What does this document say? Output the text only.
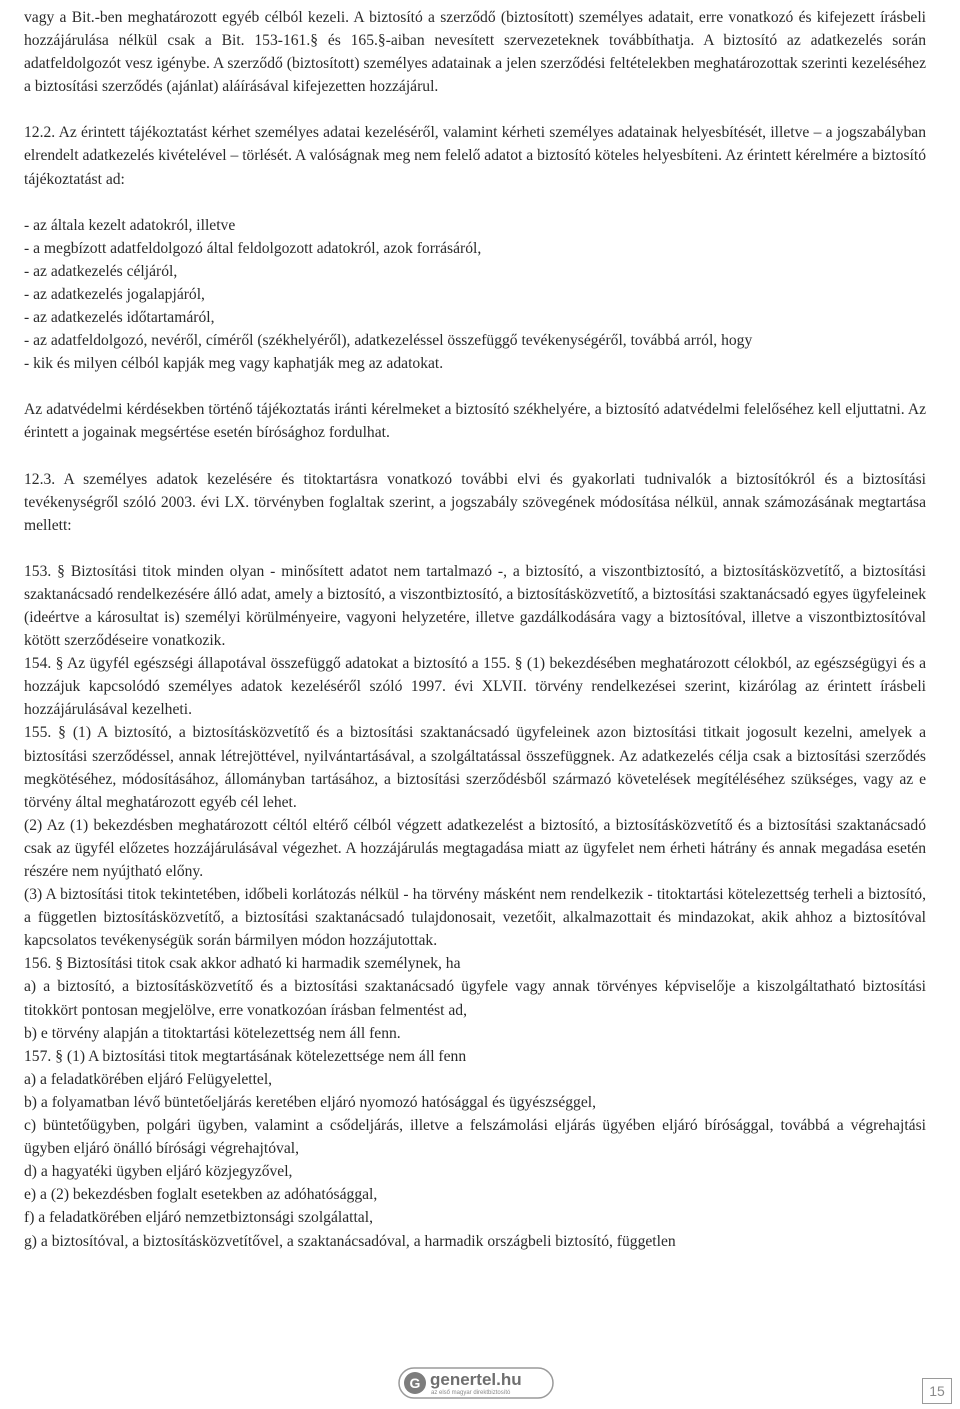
vagy a Bit.-ben meghatározott egyéb célból kezeli. A biztosító a szerződő (biztosított) személyes adatait, erre vonatkozó és kifejezett írásbeli hozzájárulása nélkül csak a Bit. 153-161.§ és 165.§-aiban nevesített szervezeteknek továbbíthatja. A biztosító az adatkezelés során adatfeldolgozót vesz igénybe. A szerződő (biztosított) személyes adatainak a jelen szerződési feltételekben meghatározottak szerinti kezeléséhez a biztosítási szerződés (ajánlat) aláírásával kifejezetten hozzájárul.

12.2. Az érintett tájékoztatást kérhet személyes adatai kezeléséről, valamint kérheti személyes adatainak helyesbítését, illetve – a jogszabályban elrendelt adatkezelés kivételével – törlését. A valóságnak meg nem felelő adatot a biztosító köteles helyesbíteni. Az érintett kérelmére a biztosító tájékoztatást ad:

- az általa kezelt adatokról, illetve

- a megbízott adatfeldolgozó által feldolgozott adatokról, azok forrásáról,

- az adatkezelés céljáról,

- az adatkezelés jogalapjáról,

- az adatkezelés időtartamáról,

- az adatfeldolgozó, nevéről, címéről (székhelyéről), adatkezeléssel összefüggő tevékenységéről, továbbá arról, hogy

- kik és milyen célból kapják meg vagy kaphatják meg az adatokat.

Az adatvédelmi kérdésekben történő tájékoztatás iránti kérelmeket a biztosító székhelyére, a biztosító adatvédelmi felelőséhez kell eljuttatni. Az érintett a jogainak megsértése esetén bírósághoz fordulhat.

12.3. A személyes adatok kezelésére és titoktartásra vonatkozó további elvi és gyakorlati tudnivalók a biztosítókról és a biztosítási tevékenységről szóló 2003. évi LX. törvényben foglaltak szerint, a jogszabály szövegének módosítása nélkül, annak számozásának megtartása mellett:

153. § Biztosítási titok minden olyan - minősített adatot nem tartalmazó -, a biztosító, a viszontbiztosító, a biztosításközvetítő, a biztosítási szaktanácsadó rendelkezésére álló adat, amely a biztosító, a viszontbiztosító, a biztosításközvetítő, a biztosítási szaktanácsadó egyes ügyfeleinek (ideértve a károsultat is) személyi körülményeire, vagyoni helyzetére, illetve gazdálkodására vagy a biztosítóval, illetve a viszontbiztosítóval kötött szerződéseire vonatkozik.

154. § Az ügyfél egészségi állapotával összefüggő adatokat a biztosító a 155. § (1) bekezdésében meghatározott célokból, az egészségügyi és a hozzájuk kapcsolódó személyes adatok kezeléséről szóló 1997. évi XLVII. törvény rendelkezései szerint, kizárólag az érintett írásbeli hozzájárulásával kezelheti.

155. § (1) A biztosító, a biztosításközvetítő és a biztosítási szaktanácsadó ügyfeleinek azon biztosítási titkait jogosult kezelni, amelyek a biztosítási szerződéssel, annak létrejöttével, nyilvántartásával, a szolgáltatással összefüggnek. Az adatkezelés célja csak a biztosítási szerződés megkötéséhez, módosításához, állományban tartásához, a biztosítási szerződésből származó követelések megítéléséhez szükséges, vagy az e törvény által meghatározott egyéb cél lehet.

(2) Az (1) bekezdésben meghatározott céltól eltérő célból végzett adatkezelést a biztosító, a biztosításközvetítő és a biztosítási szaktanácsadó csak az ügyfél előzetes hozzájárulásával végezhet. A hozzájárulás megtagadása miatt az ügyfelet nem érheti hátrány és annak megadása esetén részére nem nyújtható előny.

(3) A biztosítási titok tekintetében, időbeli korlátozás nélkül - ha törvény másként nem rendelkezik - titoktartási kötelezettség terheli a biztosító, a független biztosításközvetítő, a biztosítási szaktanácsadó tulajdonosait, vezetőit, alkalmazottait és mindazokat, akik ahhoz a biztosítóval kapcsolatos tevékenységük során bármilyen módon hozzájutottak.

156. § Biztosítási titok csak akkor adható ki harmadik személynek, ha

a) a biztosító, a biztosításközvetítő és a biztosítási szaktanácsadó ügyfele vagy annak törvényes képviselője a kiszolgáltatható biztosítási titokkört pontosan megjelölve, erre vonatkozóan írásban felmentést ad,

b) e törvény alapján a titoktartási kötelezettség nem áll fenn.

157. § (1) A biztosítási titok megtartásának kötelezettsége nem áll fenn

a) a feladatkörében eljáró Felügyelettel,

b) a folyamatban lévő büntetőeljárás keretében eljáró nyomozó hatósággal és ügyészséggel,

c) büntetőügyben, polgári ügyben, valamint a csődeljárás, illetve a felszámolási eljárás ügyében eljáró bírósággal, továbbá a végrehajtási ügyben eljáró önálló bírósági végrehajtóval,

d) a hagyatéki ügyben eljáró közjegyzővel,

e) a (2) bekezdésben foglalt esetekben az adóhatósággal,

f) a feladatkörében eljáró nemzetbiztonsági szolgálattal,

g) a biztosítóval, a biztosításközvetítővel, a szaktanácsadóval, a harmadik országbeli biztosító, független

G genertel.hu
az első magyar direktbiztosító	15
